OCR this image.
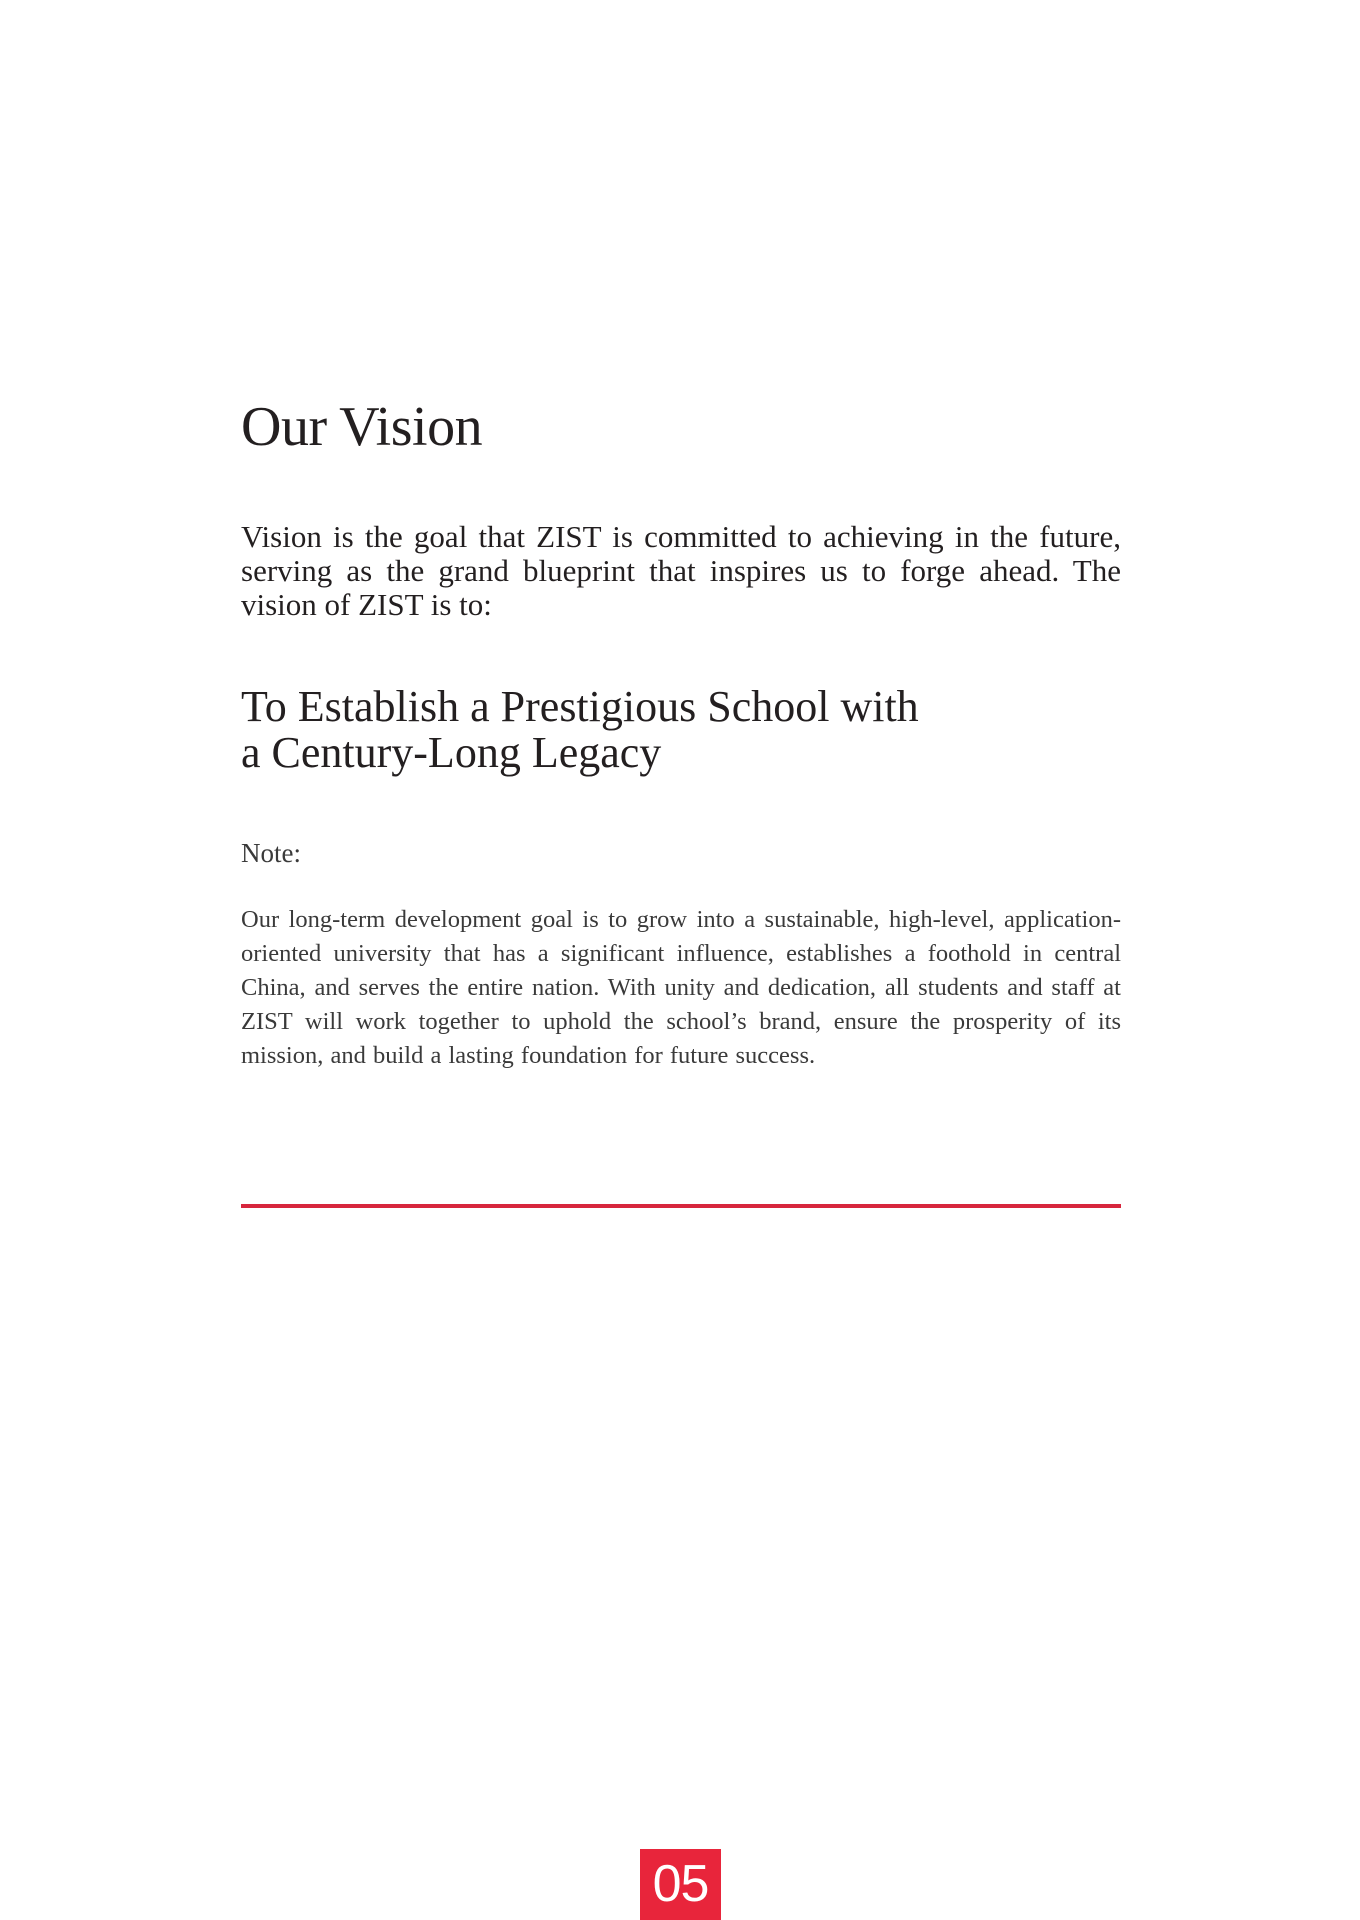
Our Vision

Vision is the goal that ZIST is committed to achieving in the future, serving as the grand blueprint that inspires us to forge ahead. The vision of ZIST is to:

To Establish a Prestigious School with
a Century-Long Legacy

Note:

Our long-term development goal is to grow into a sustainable, high-level, application-oriented university that has a significant influence, establishes a foothold in central China, and serves the entire nation. With unity and dedication, all students and staff at ZIST will work together to uphold the school’s brand, ensure the prosperity of its mission, and build a lasting foundation for future success.

05
